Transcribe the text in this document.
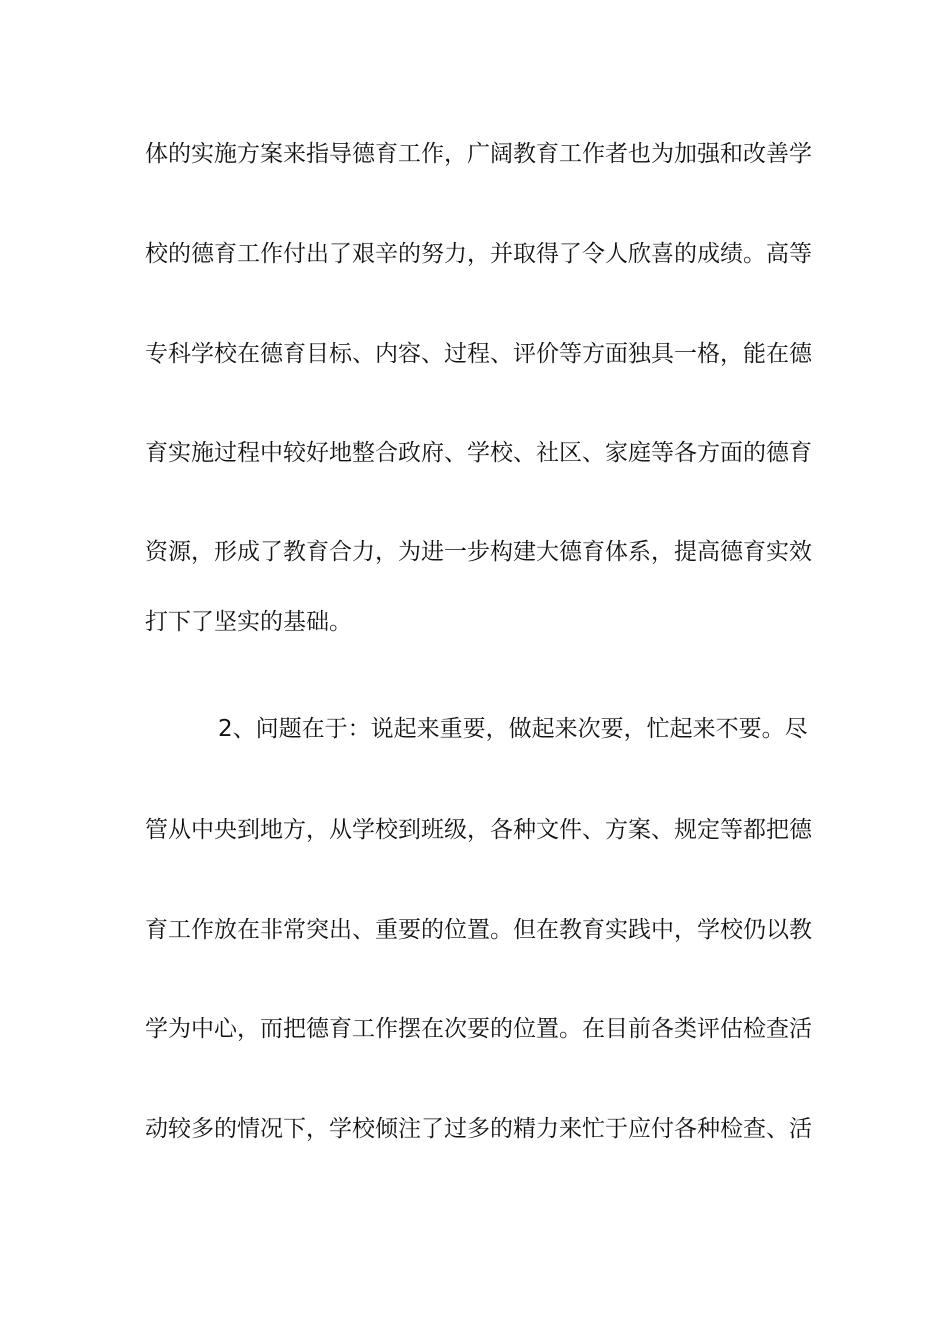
体的实施方案来指导德育工作，广阔教育工作者也为加强和改善学
校的德育工作付出了艰辛的努力，并取得了令人欣喜的成绩。高等
专科学校在德育目标、内容、过程、评价等方面独具一格，能在德
育实施过程中较好地整合政府、学校、社区、家庭等各方面的德育
资源，形成了教育合力，为进一步构建大德育体系，提高德育实效
打下了坚实的基础。
2、问题在于：说起来重要，做起来次要，忙起来不要。尽
管从中央到地方，从学校到班级，各种文件、方案、规定等都把德
育工作放在非常突出、重要的位置。但在教育实践中，学校仍以教
学为中心，而把德育工作摆在次要的位置。在目前各类评估检查活
动较多的情况下，学校倾注了过多的精力来忙于应付各种检查、活
